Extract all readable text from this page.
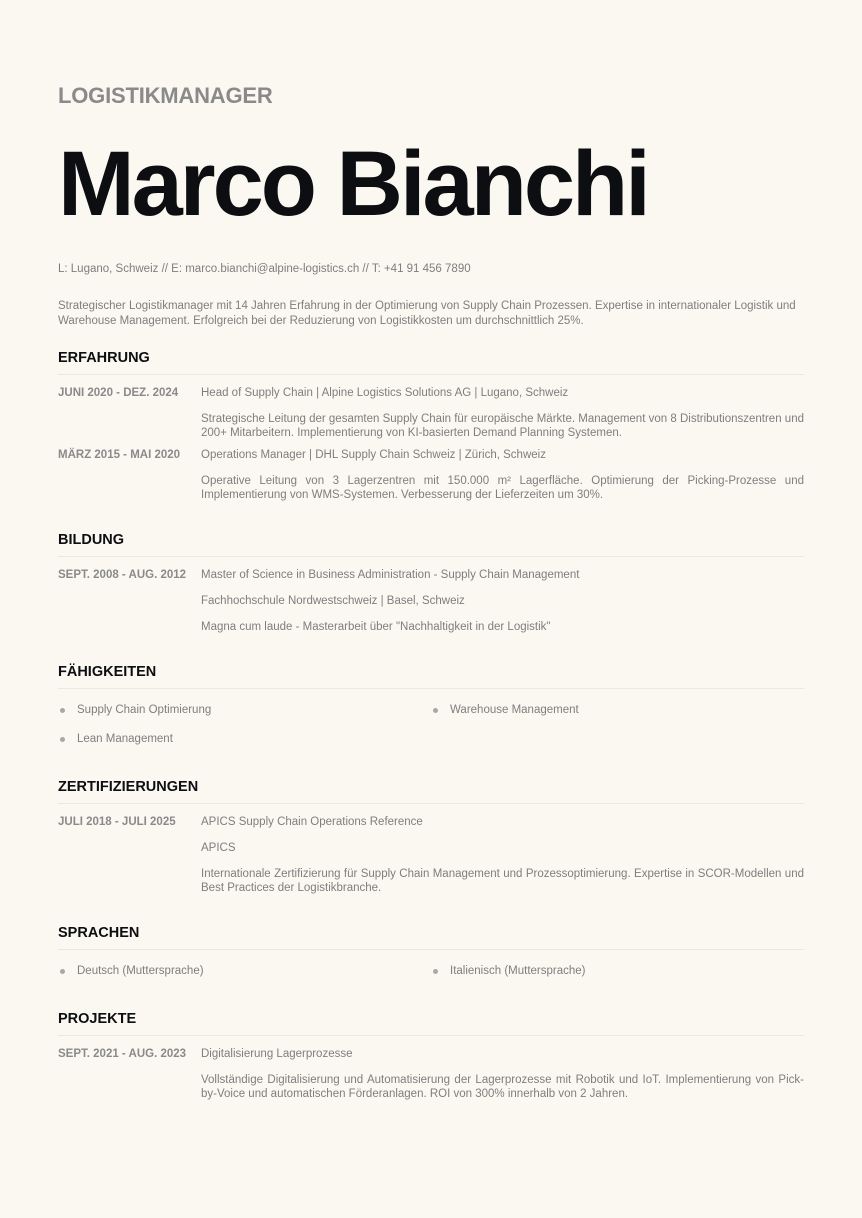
LOGISTIKMANAGER
Marco Bianchi
L: Lugano, Schweiz // E: marco.bianchi@alpine-logistics.ch // T: +41 91 456 7890
Strategischer Logistikmanager mit 14 Jahren Erfahrung in der Optimierung von Supply Chain Prozessen. Expertise in internationaler Logistik und Warehouse Management. Erfolgreich bei der Reduzierung von Logistikkosten um durchschnittlich 25%.
ERFAHRUNG
JUNI 2020 - DEZ. 2024	Head of Supply Chain | Alpine Logistics Solutions AG | Lugano, Schweiz
Strategische Leitung der gesamten Supply Chain für europäische Märkte. Management von 8 Distributionszentren und 200+ Mitarbeitern. Implementierung von KI-basierten Demand Planning Systemen.
MÄRZ 2015 - MAI 2020	Operations Manager | DHL Supply Chain Schweiz | Zürich, Schweiz
Operative Leitung von 3 Lagerzentren mit 150.000 m² Lagerfläche. Optimierung der Picking-Prozesse und Implementierung von WMS-Systemen. Verbesserung der Lieferzeiten um 30%.
BILDUNG
SEPT. 2008 - AUG. 2012	Master of Science in Business Administration - Supply Chain Management
Fachhochschule Nordwestschweiz | Basel, Schweiz
Magna cum laude - Masterarbeit über "Nachhaltigkeit in der Logistik"
FÄHIGKEITEN
Supply Chain Optimierung	Warehouse Management
Lean Management
ZERTIFIZIERUNGEN
JULI 2018 - JULI 2025	APICS Supply Chain Operations Reference
APICS
Internationale Zertifizierung für Supply Chain Management und Prozessoptimierung. Expertise in SCOR-Modellen und Best Practices der Logistikbranche.
SPRACHEN
Deutsch (Muttersprache)	Italienisch (Muttersprache)
PROJEKTE
SEPT. 2021 - AUG. 2023	Digitalisierung Lagerprozesse
Vollständige Digitalisierung und Automatisierung der Lagerprozesse mit Robotik und IoT. Implementierung von Pick-by-Voice und automatischen Förderanlagen. ROI von 300% innerhalb von 2 Jahren.
